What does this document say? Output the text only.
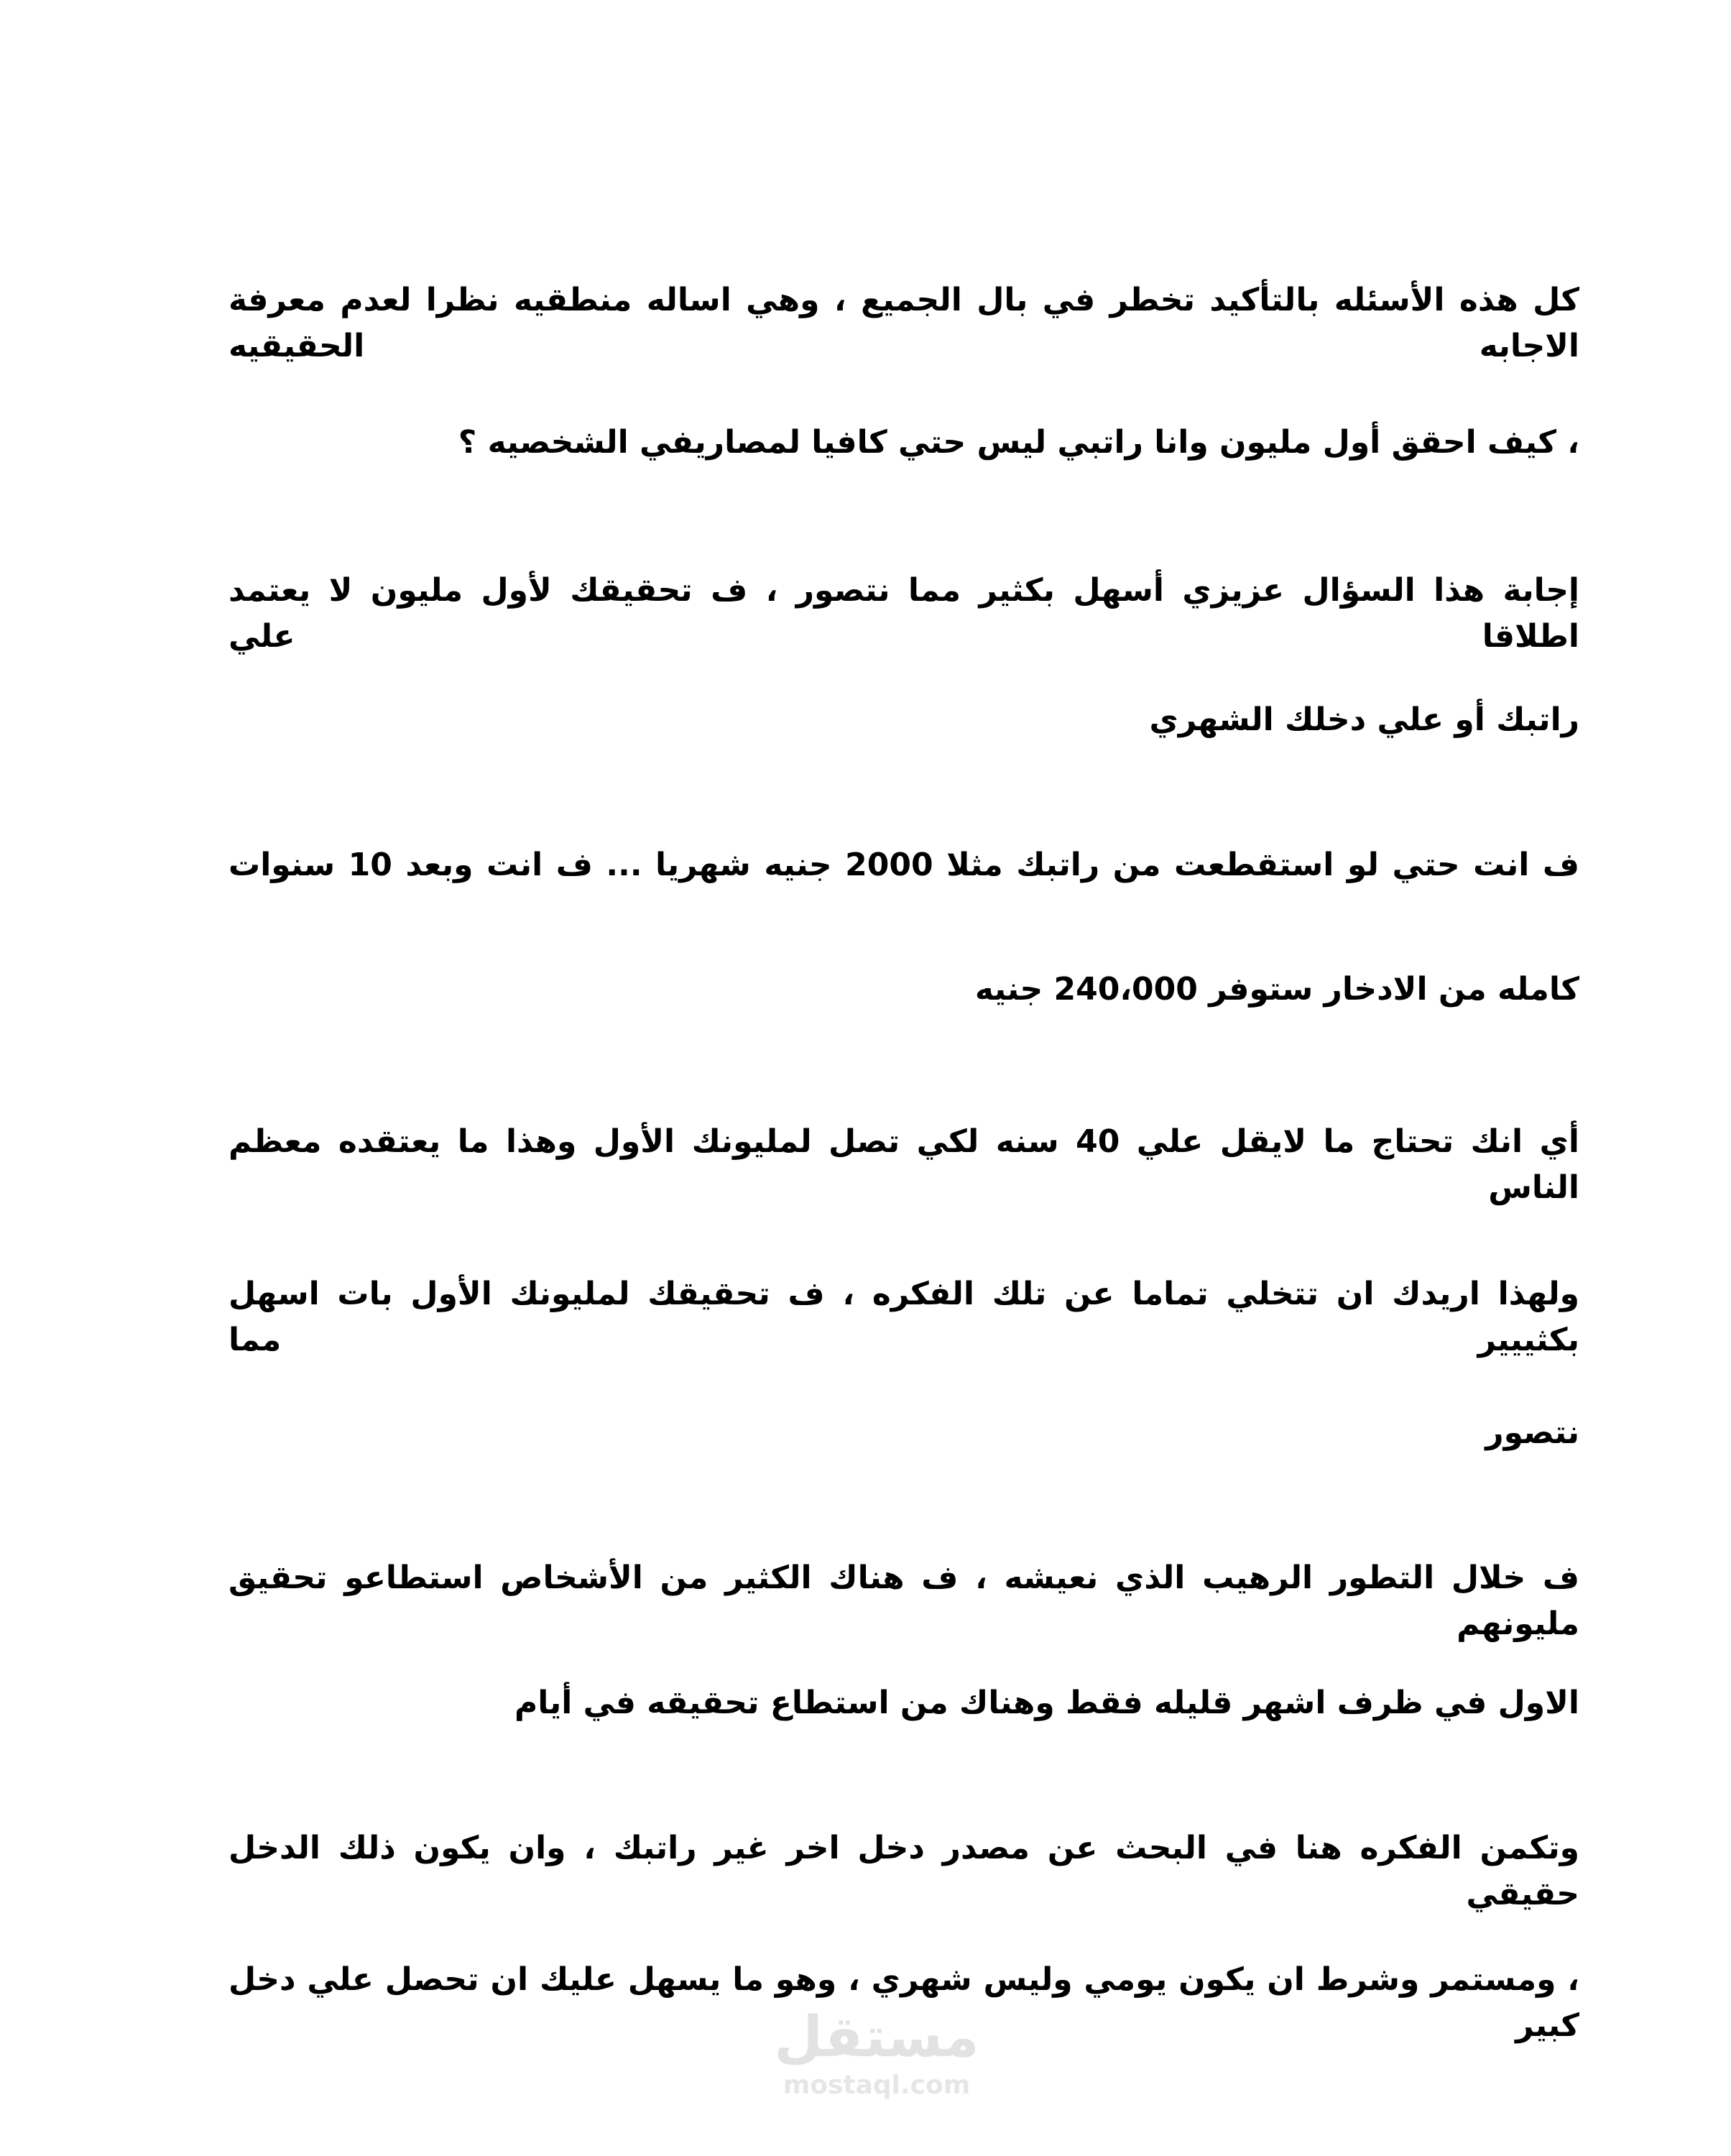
كل هذه الأسئله بالتأكيد تخطر في بال الجميع ، وهي اساله منطقيه نظرا لعدم معرفة الاجابه الحقيقيه
، كيف احقق أول مليون وانا راتبي ليس حتي كافيا لمصاريفي الشخصيه ؟
إجابة هذا السؤال عزيزي أسهل بكثير مما نتصور ، ف تحقيقك لأول مليون لا يعتمد اطلاقا علي
راتبك أو علي دخلك الشهري
ف انت حتي لو استقطعت من راتبك مثلا 2000 جنيه شهريا ... ف انت وبعد 10 سنوات
كامله من الادخار ستوفر 240،000 جنيه
أي انك تحتاج ما لايقل علي 40 سنه لكي تصل لمليونك الأول وهذا ما يعتقده معظم الناس
ولهذا اريدك ان تتخلي تماما عن تلك الفكره ، ف تحقيقك لمليونك الأول بات اسهل بكثييير مما
نتصور
ف خلال التطور الرهيب الذي نعيشه ، ف هناك الكثير من الأشخاص استطاعو تحقيق مليونهم
الاول في ظرف اشهر قليله فقط وهناك من استطاع تحقيقه في أيام
وتكمن الفكره هنا في البحث عن مصدر دخل اخر غير راتبك ، وان يكون ذلك الدخل حقيقي
، ومستمر وشرط ان يكون يومي وليس شهري ، وهو ما يسهل عليك ان تحصل علي دخل كبير
مستقل
mostaql.com
